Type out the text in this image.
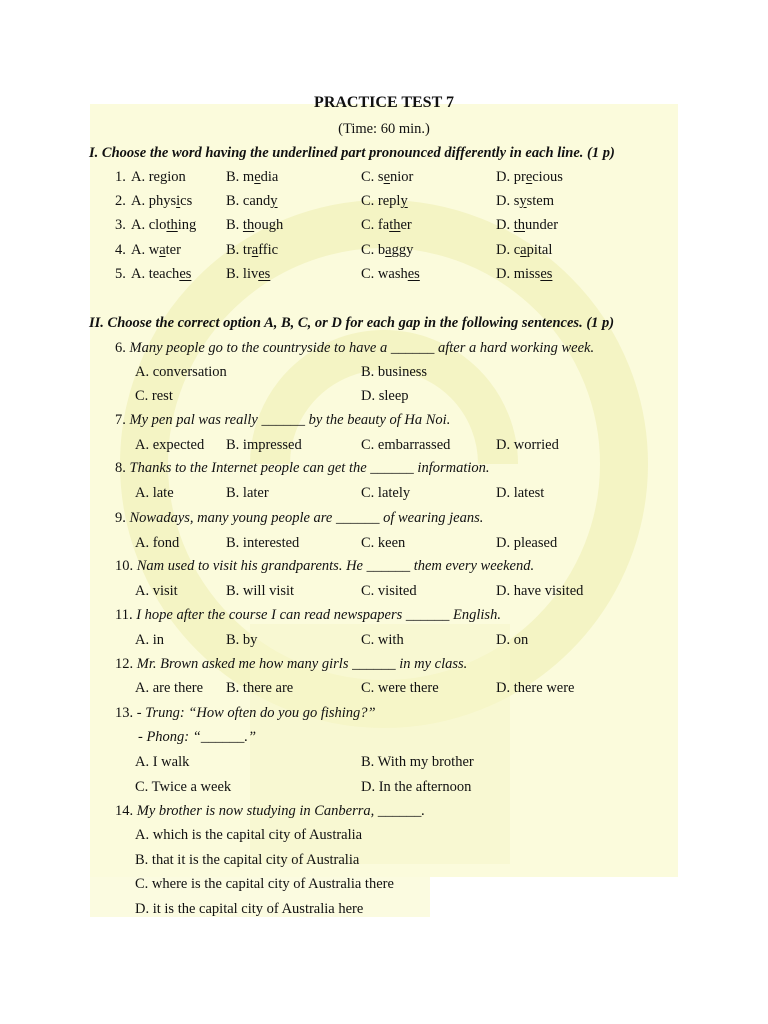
PRACTICE TEST 7
(Time: 60 min.)
I. Choose the word having the underlined part pronounced differently in each line. (1 p)
1. A. region	B. media	C. senior	D. precious
2. A. physics B. candy	C. reply	D. system
3. A. clothing B. though	C. father	D. thunder
4. A. water	B. traffic	C. baggy	D. capital
5. A. teaches B. lives	C. washes	D. misses
II. Choose the correct option A, B, C, or D for each gap in the following sentences. (1 p)
6. Many people go to the countryside to have a ______ after a hard working week.
A. conversation	B. business
C. rest	D. sleep
7. My pen pal was really ______ by the beauty of Ha Noi.
A. expected B. impressed	C. embarrassed	D. worried
8. Thanks to the Internet people can get the ______ information.
A. late	B. later	C. lately	D. latest
9. Nowadays, many young people are ______ of wearing jeans.
A. fond	B. interested	C. keen	D. pleased
10. Nam used to visit his grandparents. He ______ them every weekend.
A. visit	B. will visit	C. visited	D. have visited
11. I hope after the course I can read newspapers ______ English.
A. in	B. by	C. with	D. on
12. Mr. Brown asked me how many girls ______ in my class.
A. are there B. there are	C. were there	D. there were
13. - Trung: “How often do you go fishing?”
- Phong: “______.”
A. I walk	B. With my brother
C. Twice a week	D. In the afternoon
14. My brother is now studying in Canberra, ______.
A. which is the capital city of Australia
B. that it is the capital city of Australia
C. where is the capital city of Australia there
D. it is the capital city of Australia here
